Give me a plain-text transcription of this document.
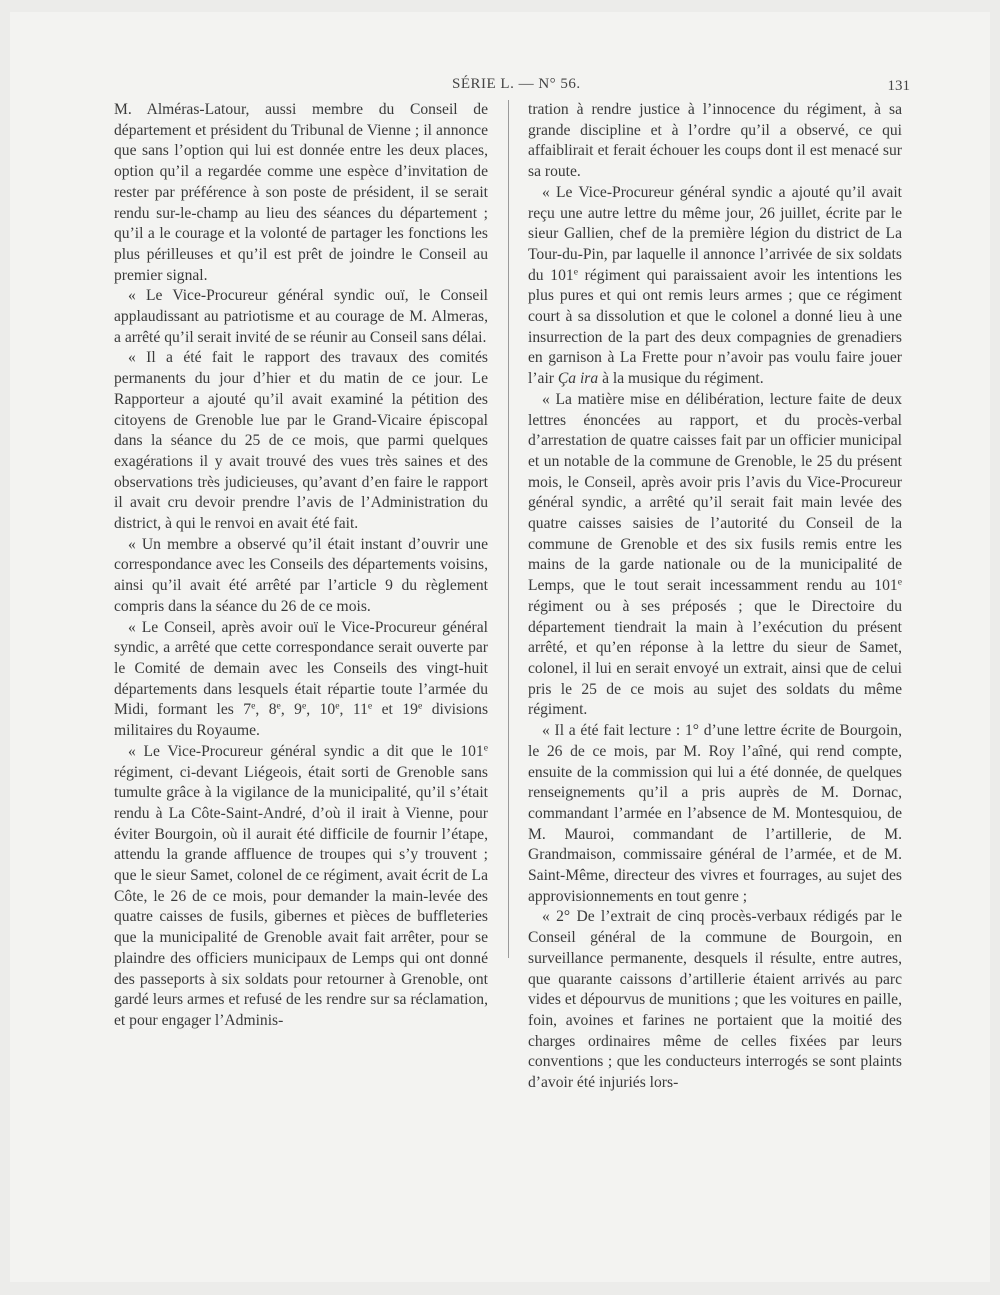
SÉRIE L. — N° 56.	131

M. Alméras-Latour, aussi membre du Conseil de département et président du Tribunal de Vienne ; il annonce que sans l’option qui lui est donnée entre les deux places, option qu’il a regardée comme une espèce d’invitation de rester par préférence à son poste de président, il se serait rendu sur-le-champ au lieu des séances du département ; qu’il a le courage et la volonté de partager les fonctions les plus périlleuses et qu’il est prêt de joindre le Conseil au premier signal.

« Le Vice-Procureur général syndic ouï, le Conseil applaudissant au patriotisme et au courage de M. Almeras, a arrêté qu’il serait invité de se réunir au Conseil sans délai.

« Il a été fait le rapport des travaux des comités permanents du jour d’hier et du matin de ce jour. Le Rapporteur a ajouté qu’il avait examiné la pétition des citoyens de Grenoble lue par le Grand-Vicaire épiscopal dans la séance du 25 de ce mois, que parmi quelques exagérations il y avait trouvé des vues très saines et des observations très judicieuses, qu’avant d’en faire le rapport il avait cru devoir prendre l’avis de l’Administration du district, à qui le renvoi en avait été fait.

« Un membre a observé qu’il était instant d’ouvrir une correspondance avec les Conseils des départements voisins, ainsi qu’il avait été arrêté par l’article 9 du règlement compris dans la séance du 26 de ce mois.

« Le Conseil, après avoir ouï le Vice-Procureur général syndic, a arrêté que cette correspondance serait ouverte par le Comité de demain avec les Conseils des vingt-huit départements dans lesquels était répartie toute l’armée du Midi, formant les 7e, 8e, 9e, 10e, 11e et 19e divisions militaires du Royaume.

« Le Vice-Procureur général syndic a dit que le 101e régiment, ci-devant Liégeois, était sorti de Grenoble sans tumulte grâce à la vigilance de la municipalité, qu’il s’était rendu à La Côte-Saint-André, d’où il irait à Vienne, pour éviter Bourgoin, où il aurait été difficile de fournir l’étape, attendu la grande affluence de troupes qui s’y trouvent ; que le sieur Samet, colonel de ce régiment, avait écrit de La Côte, le 26 de ce mois, pour demander la main-levée des quatre caisses de fusils, gibernes et pièces de buffleteries que la municipalité de Grenoble avait fait arrêter, pour se plaindre des officiers municipaux de Lemps qui ont donné des passeports à six soldats pour retourner à Grenoble, ont gardé leurs armes et refusé de les rendre sur sa réclamation, et pour engager l’Adminis-

tration à rendre justice à l’innocence du régiment, à sa grande discipline et à l’ordre qu’il a observé, ce qui affaiblirait et ferait échouer les coups dont il est menacé sur sa route.

« Le Vice-Procureur général syndic a ajouté qu’il avait reçu une autre lettre du même jour, 26 juillet, écrite par le sieur Gallien, chef de la première légion du district de La Tour-du-Pin, par laquelle il annonce l’arrivée de six soldats du 101e régiment qui paraissaient avoir les intentions les plus pures et qui ont remis leurs armes ; que ce régiment court à sa dissolution et que le colonel a donné lieu à une insurrection de la part des deux compagnies de grenadiers en garnison à La Frette pour n’avoir pas voulu faire jouer l’air Ça ira à la musique du régiment.

« La matière mise en délibération, lecture faite de deux lettres énoncées au rapport, et du procès-verbal d’arrestation de quatre caisses fait par un officier municipal et un notable de la commune de Grenoble, le 25 du présent mois, le Conseil, après avoir pris l’avis du Vice-Procureur général syndic, a arrêté qu’il serait fait main levée des quatre caisses saisies de l’autorité du Conseil de la commune de Grenoble et des six fusils remis entre les mains de la garde nationale ou de la municipalité de Lemps, que le tout serait incessamment rendu au 101e régiment ou à ses préposés ; que le Directoire du département tiendrait la main à l’exécution du présent arrêté, et qu’en réponse à la lettre du sieur de Samet, colonel, il lui en serait envoyé un extrait, ainsi que de celui pris le 25 de ce mois au sujet des soldats du même régiment.

« Il a été fait lecture : 1° d’une lettre écrite de Bourgoin, le 26 de ce mois, par M. Roy l’aîné, qui rend compte, ensuite de la commission qui lui a été donnée, de quelques renseignements qu’il a pris auprès de M. Dornac, commandant l’armée en l’absence de M. Montesquiou, de M. Mauroi, commandant de l’artillerie, de M. Grandmaison, commissaire général de l’armée, et de M. Saint-Même, directeur des vivres et fourrages, au sujet des approvisionnements en tout genre ;

« 2° De l’extrait de cinq procès-verbaux rédigés par le Conseil général de la commune de Bourgoin, en surveillance permanente, desquels il résulte, entre autres, que quarante caissons d’artillerie étaient arrivés au parc vides et dépourvus de munitions ; que les voitures en paille, foin, avoines et farines ne portaient que la moitié des charges ordinaires même de celles fixées par leurs conventions ; que les conducteurs interrogés se sont plaints d’avoir été injuriés lors-
